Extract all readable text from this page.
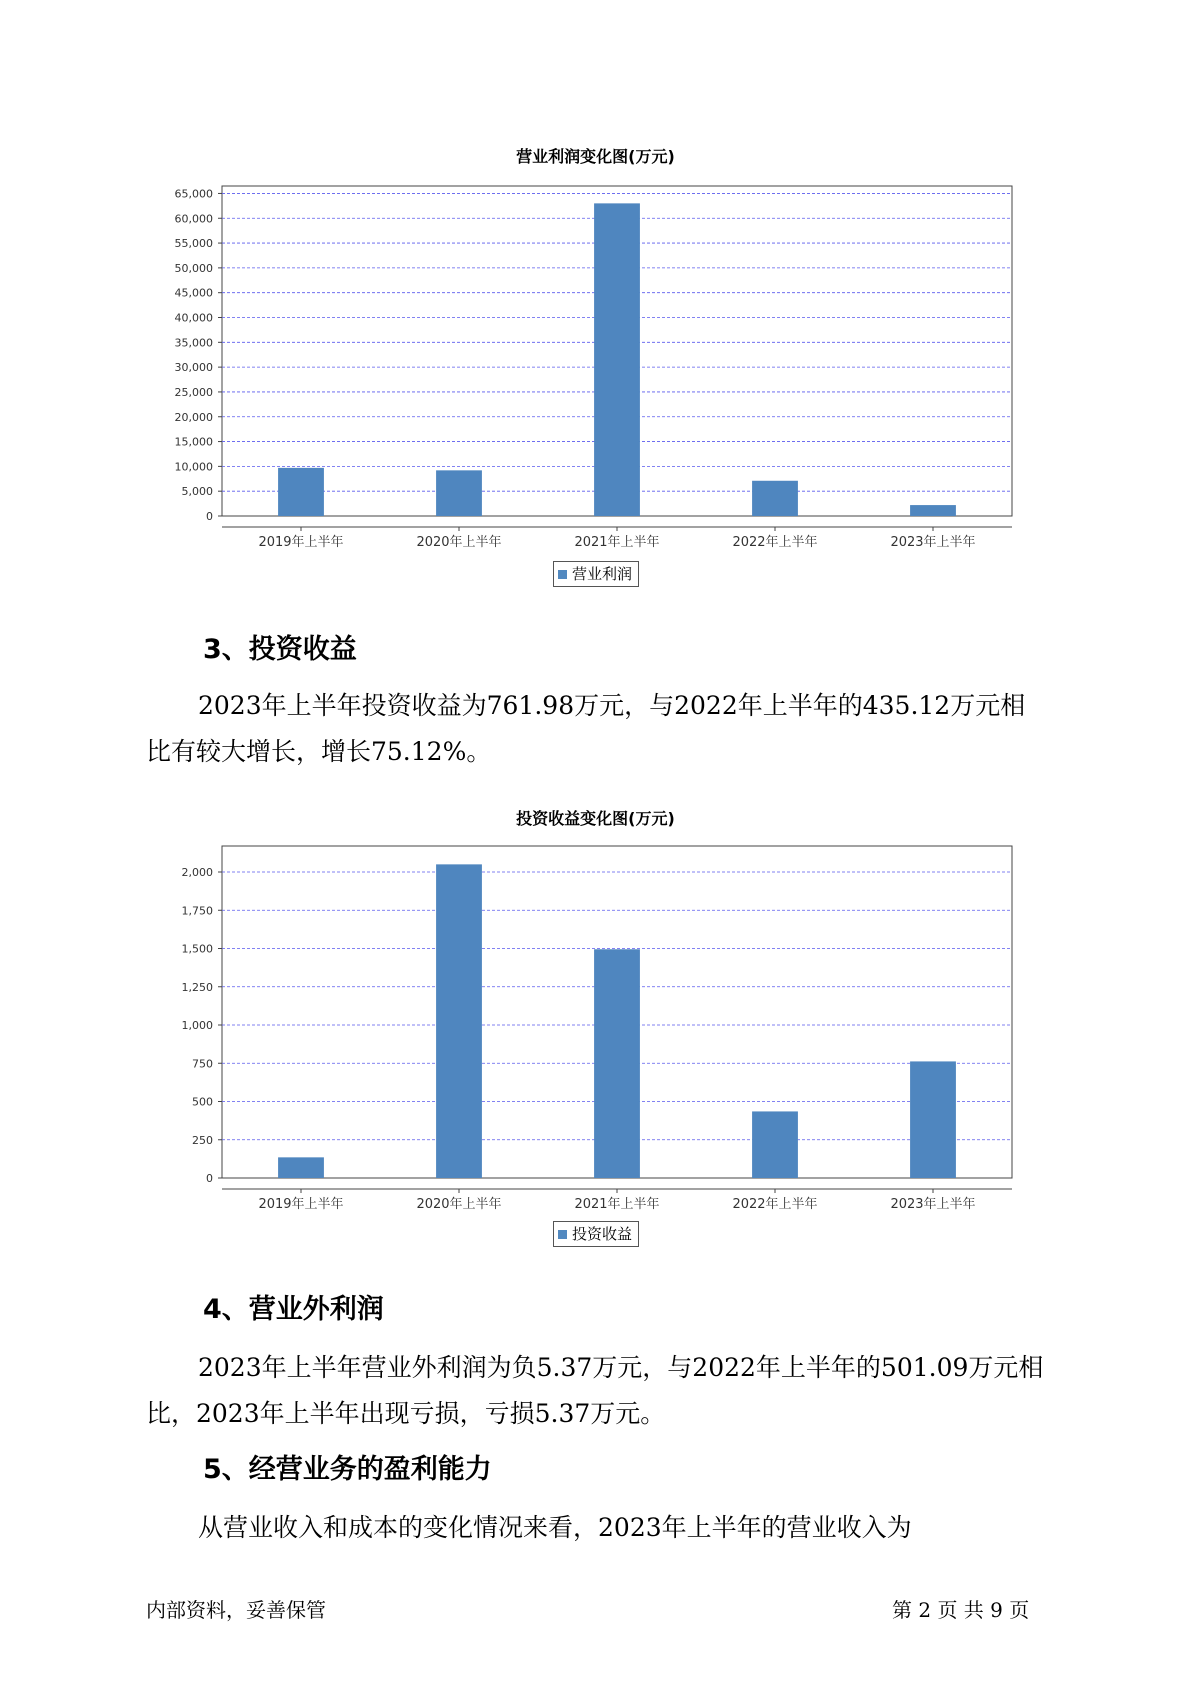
营业利润变化图(万元)
0
5,000
10,000
15,000
20,000
25,000
30,000
35,000
40,000
45,000
50,000
55,000
60,000
65,000
2019年上半年	2020年上半年	2021年上半年	2022年上半年	2023年上半年
营业利润
3、投资收益

2023年上半年投资收益为761.98万元，与2022年上半年的435.12万元相比有较大增长，增长75.12%。

投资收益变化图(万元)
0
250
500
750
1,000
1,250
1,500
1,750
2,000
2019年上半年	2020年上半年	2021年上半年	2022年上半年	2023年上半年
投资收益
4、营业外利润

2023年上半年营业外利润为负5.37万元，与2022年上半年的501.09万元相比，2023年上半年出现亏损，亏损5.37万元。

5、经营业务的盈利能力

从营业收入和成本的变化情况来看，2023年上半年的营业收入为

内部资料，妥善保管	第 2 页 共 9 页
